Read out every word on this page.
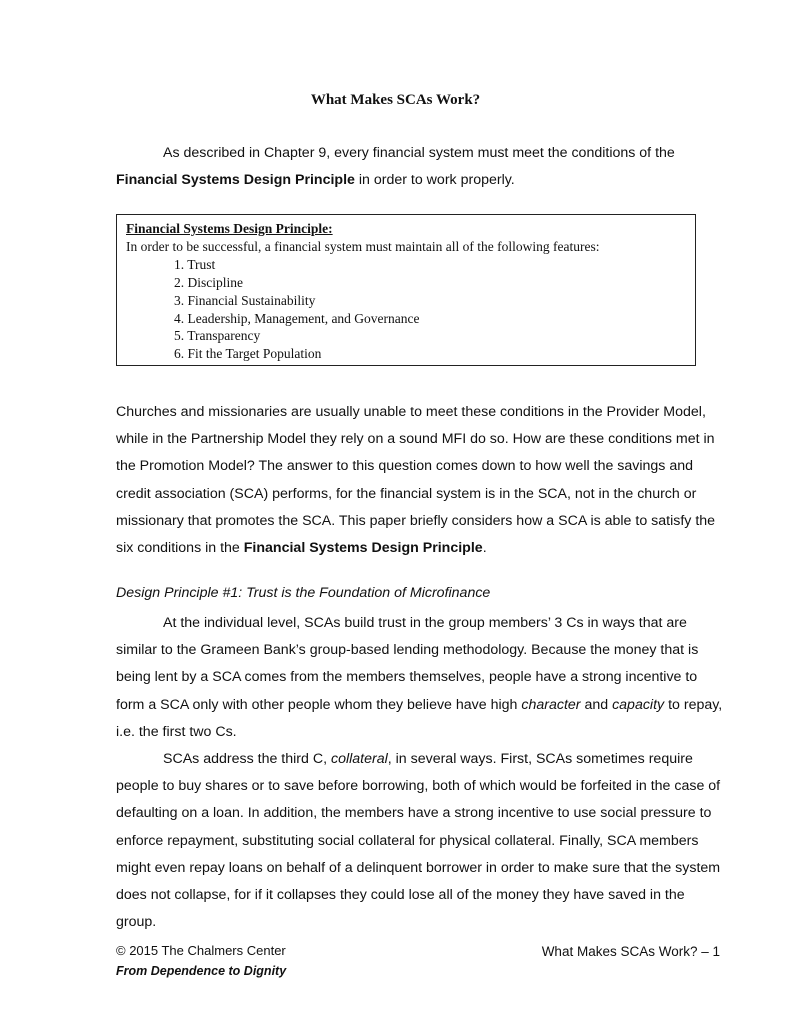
What Makes SCAs Work?

As described in Chapter 9, every financial system must meet the conditions of the Financial Systems Design Principle in order to work properly.

Financial Systems Design Principle:

In order to be successful, a financial system must maintain all of the following features:

1. Trust
2. Discipline
3. Financial Sustainability
4. Leadership, Management, and Governance
5. Transparency
6. Fit the Target Population

Churches and missionaries are usually unable to meet these conditions in the Provider Model, while in the Partnership Model they rely on a sound MFI do so. How are these conditions met in the Promotion Model? The answer to this question comes down to how well the savings and credit association (SCA) performs, for the financial system is in the SCA, not in the church or missionary that promotes the SCA. This paper briefly considers how a SCA is able to satisfy the six conditions in the Financial Systems Design Principle.

Design Principle #1: Trust is the Foundation of Microfinance

At the individual level, SCAs build trust in the group members’ 3 Cs in ways that are similar to the Grameen Bank’s group-based lending methodology. Because the money that is being lent by a SCA comes from the members themselves, people have a strong incentive to form a SCA only with other people whom they believe have high character and capacity to repay, i.e. the first two Cs.

SCAs address the third C, collateral, in several ways. First, SCAs sometimes require people to buy shares or to save before borrowing, both of which would be forfeited in the case of defaulting on a loan. In addition, the members have a strong incentive to use social pressure to enforce repayment, substituting social collateral for physical collateral. Finally, SCA members might even repay loans on behalf of a delinquent borrower in order to make sure that the system does not collapse, for if it collapses they could lose all of the money they have saved in the group.

© 2015 The Chalmers Center
From Dependence to Dignity
What Makes SCAs Work? – 1
